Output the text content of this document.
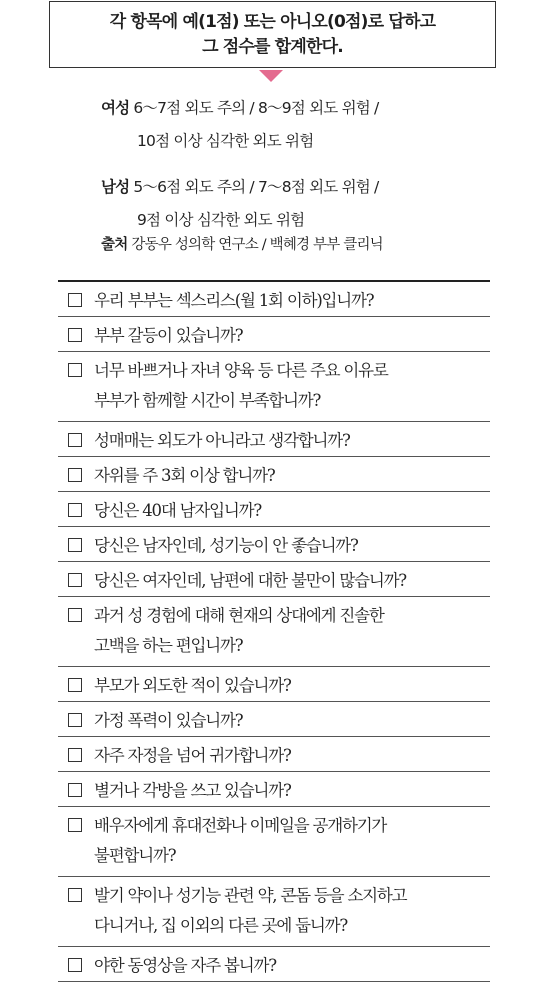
각 항목에 예(1점) 또는 아니오(0점)로 답하고
그 점수를 합계한다.
여성 6～7점 외도 주의 / 8～9점 외도 위험 /
10점 이상 심각한 외도 위험
남성 5～6점 외도 주의 / 7～8점 외도 위험 /
9점 이상 심각한 외도 위험
출처 강동우 성의학 연구소 / 백혜경 부부 클리닉
우리 부부는 섹스리스(월 1회 이하)입니까?
부부 갈등이 있습니까?
너무 바쁘거나 자녀 양육 등 다른 주요 이유로
부부가 함께할 시간이 부족합니까?
성매매는 외도가 아니라고 생각합니까?
자위를 주 3회 이상 합니까?
당신은 40대 남자입니까?
당신은 남자인데, 성기능이 안 좋습니까?
당신은 여자인데, 남편에 대한 불만이 많습니까?
과거 성 경험에 대해 현재의 상대에게 진솔한
고백을 하는 편입니까?
부모가 외도한 적이 있습니까?
가정 폭력이 있습니까?
자주 자정을 넘어 귀가합니까?
별거나 각방을 쓰고 있습니까?
배우자에게 휴대전화나 이메일을 공개하기가
불편합니까?
발기 약이나 성기능 관련 약, 콘돔 등을 소지하고
다니거나, 집 이외의 다른 곳에 둡니까?
야한 동영상을 자주 봅니까?
